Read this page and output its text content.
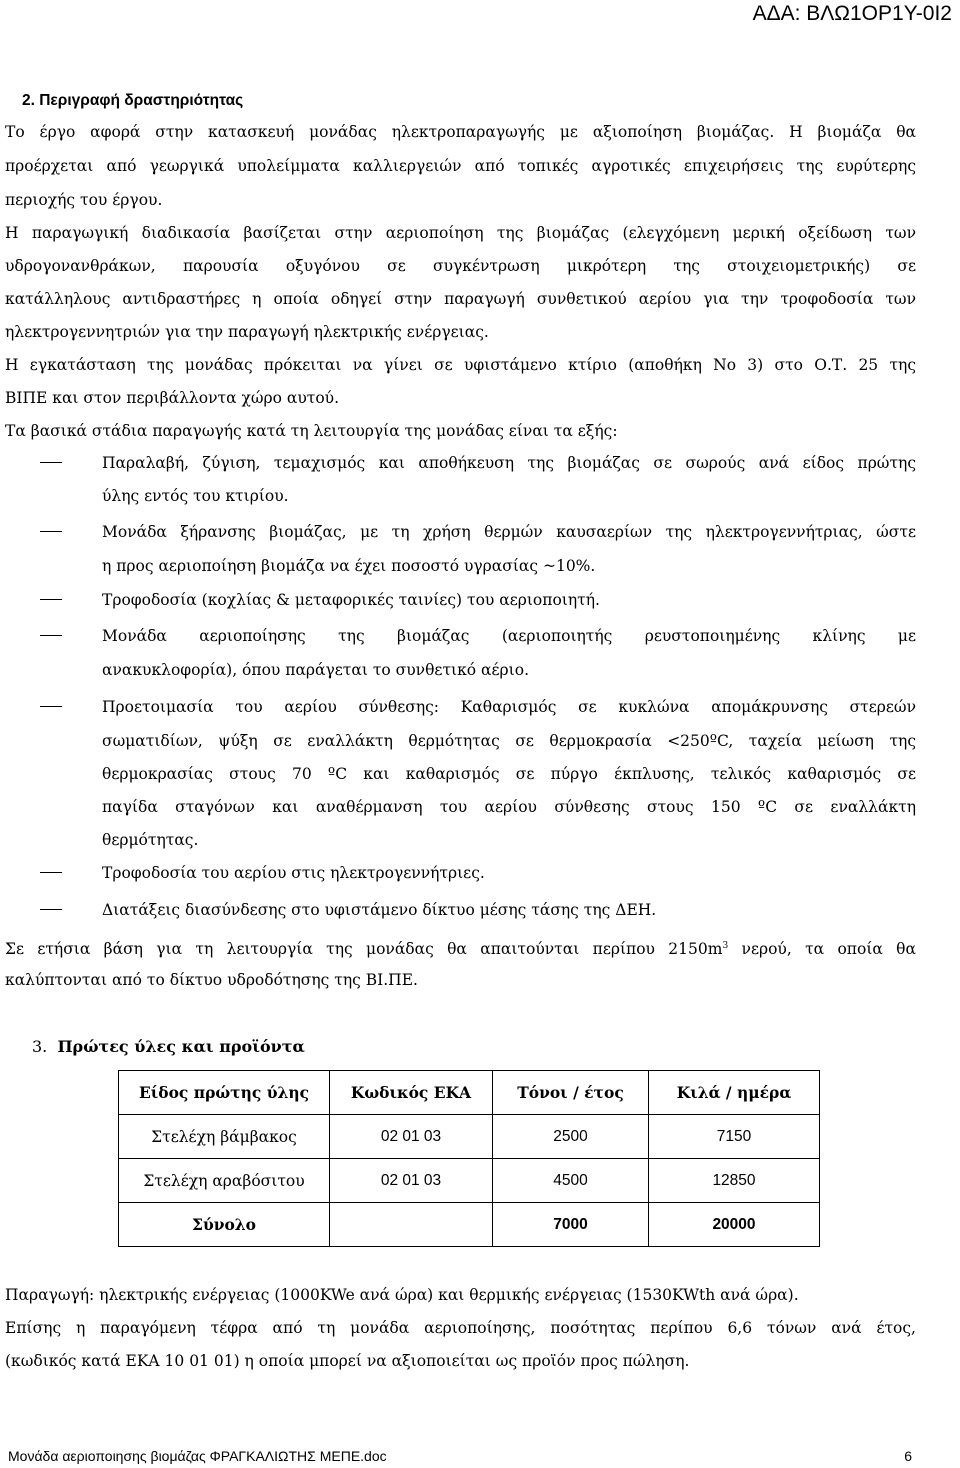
ΑΔΑ: ΒΛΩ1ΟΡ1Υ-0Ι2
2. Περιγραφή δραστηριότητας
Το έργο αφορά στην κατασκευή μονάδας ηλεκτροπαραγωγής με αξιοποίηση βιομάζας. Η βιομάζα θα
προέρχεται από γεωργικά υπολείμματα καλλιεργειών από τοπικές αγροτικές επιχειρήσεις της ευρύτερης
περιοχής του έργου.
Η παραγωγική διαδικασία βασίζεται στην αεριοποίηση της βιομάζας (ελεγχόμενη μερική οξείδωση των
υδρογονανθράκων, παρουσία οξυγόνου σε συγκέντρωση μικρότερη της στοιχειομετρικής) σε
κατάλληλους αντιδραστήρες η οποία οδηγεί στην παραγωγή συνθετικού αερίου για την τροφοδοσία των
ηλεκτρογεννητριών για την παραγωγή ηλεκτρικής ενέργειας.
Η εγκατάσταση της μονάδας πρόκειται να γίνει σε υφιστάμενο κτίριο (αποθήκη Νο 3) στο Ο.Τ. 25 της
ΒΙΠΕ και στον περιβάλλοντα χώρο αυτού.
Τα βασικά στάδια παραγωγής κατά τη λειτουργία της μονάδας είναι τα εξής:
Παραλαβή, ζύγιση, τεμαχισμός και αποθήκευση της βιομάζας σε σωρούς ανά είδος πρώτης
ύλης εντός του κτιρίου.
Μονάδα ξήρανσης βιομάζας, με τη χρήση θερμών καυσαερίων της ηλεκτρογεννήτριας, ώστε
η προς αεριοποίηση βιομάζα να έχει ποσοστό υγρασίας ~10%.
Τροφοδοσία (κοχλίας & μεταφορικές ταινίες) του αεριοποιητή.
Μονάδα αεριοποίησης της βιομάζας (αεριοποιητής ρευστοποιημένης κλίνης με
ανακυκλοφορία), όπου παράγεται το συνθετικό αέριο.
Προετοιμασία του αερίου σύνθεσης: Καθαρισμός σε κυκλώνα απομάκρυνσης στερεών
σωματιδίων, ψύξη σε εναλλάκτη θερμότητας σε θερμοκρασία <250ºC, ταχεία μείωση της
θερμοκρασίας στους 70 ºC και καθαρισμός σε πύργο έκπλυσης, τελικός καθαρισμός σε
παγίδα σταγόνων και αναθέρμανση του αερίου σύνθεσης στους 150 ºC σε εναλλάκτη
θερμότητας.
Τροφοδοσία του αερίου στις ηλεκτρογεννήτριες.
Διατάξεις διασύνδεσης στο υφιστάμενο δίκτυο μέσης τάσης της ΔΕΗ.
Σε ετήσια βάση για τη λειτουργία της μονάδας θα απαιτούνται περίπου $2150m^3$ νερού, τα οποία θα
καλύπτονται από το δίκτυο υδροδότησης της ΒΙ.ΠΕ.
3. Πρώτες ύλες και προϊόντα
Είδος πρώτης ύλης	Κωδικός ΕΚΑ	Τόνοι / έτος	Κιλά / ημέρα
Στελέχη βάμβακος	02 01 03	2500	7150
Στελέχη αραβόσιτου	02 01 03	4500	12850
Σύνολο		7000	20000
Παραγωγή: ηλεκτρικής ενέργειας (1000KWe ανά ώρα) και θερμικής ενέργειας (1530KWth ανά ώρα).
Επίσης η παραγόμενη τέφρα από τη μονάδα αεριοποίησης, ποσότητας περίπου 6,6 τόνων ανά έτος,
(κωδικός κατά ΕΚΑ 10 01 01) η οποία μπορεί να αξιοποιείται ως προϊόν προς πώληση.
Μονάδα αεριοποιησης βιομάζας ΦΡΑΓΚΑΛΙΩΤΗΣ ΜΕΠΕ.doc	6
